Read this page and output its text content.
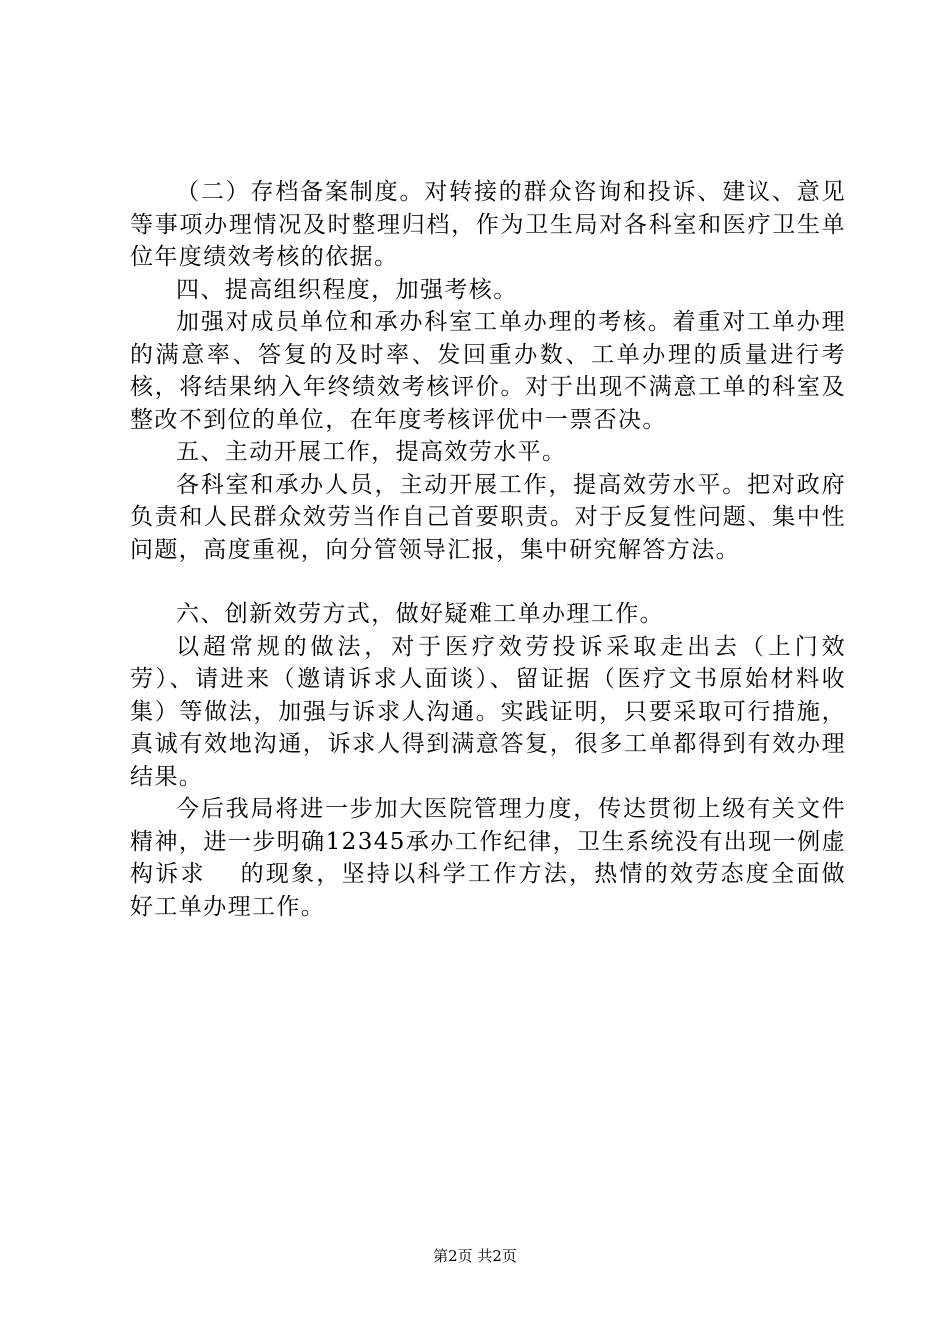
（二）存档备案制度。对转接的群众咨询和投诉、建议、意见等事项办理情况及时整理归档，作为卫生局对各科室和医疗卫生单位年度绩效考核的依据。

四、提高组织程度，加强考核。

加强对成员单位和承办科室工单办理的考核。着重对工单办理的满意率、答复的及时率、发回重办数、工单办理的质量进行考核，将结果纳入年终绩效考核评价。对于出现不满意工单的科室及整改不到位的单位，在年度考核评优中一票否决。

五、主动开展工作，提高效劳水平。

各科室和承办人员，主动开展工作，提高效劳水平。把对政府负责和人民群众效劳当作自己首要职责。对于反复性问题、集中性问题，高度重视，向分管领导汇报，集中研究解答方法。

六、创新效劳方式，做好疑难工单办理工作。

以超常规的做法，对于医疗效劳投诉采取走出去（上门效劳）、请进来（邀请诉求人面谈）、留证据（医疗文书原始材料收集）等做法，加强与诉求人沟通。实践证明，只要采取可行措施，真诚有效地沟通，诉求人得到满意答复，很多工单都得到有效办理结果。

今后我局将进一步加大医院管理力度，传达贯彻上级有关文件精神，进一步明确12345承办工作纪律，卫生系统没有出现一例虚构诉求　 的现象，坚持以科学工作方法，热情的效劳态度全面做好工单办理工作。

第2页 共2页
